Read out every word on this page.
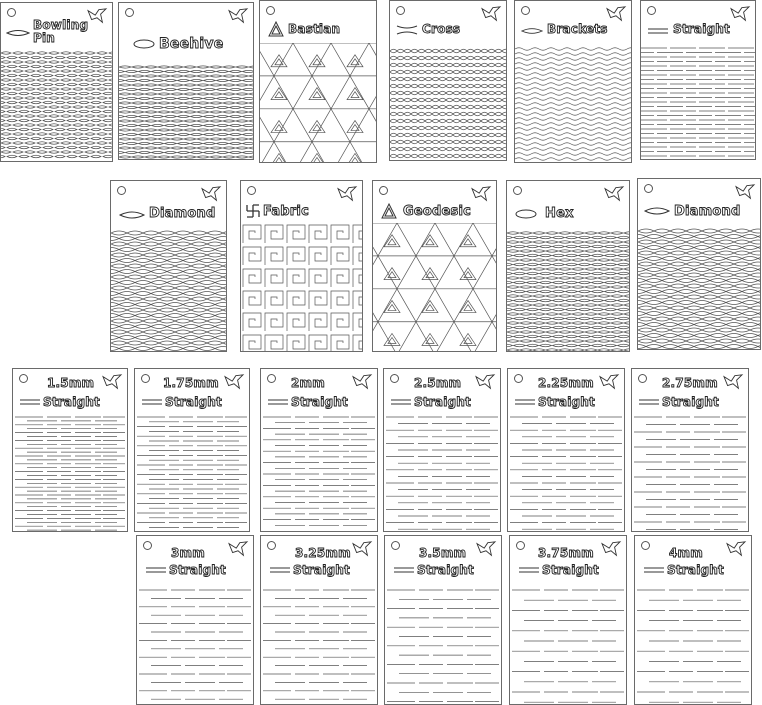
Bowling Pin	Beehive
Bastian	Cross	Brackets	Straight
Diamond	Fabric	Geodesic	Hex	Diamond
1.5mm
Straight
1.75mm
Straight
2mm
Straight
2.5mm
Straight
2.25mm
Straight
2.75mm
Straight
3mm
Straight
3.25mm
Straight
3.5mm
Straight
3.75mm
Straight
4mm
Straight
